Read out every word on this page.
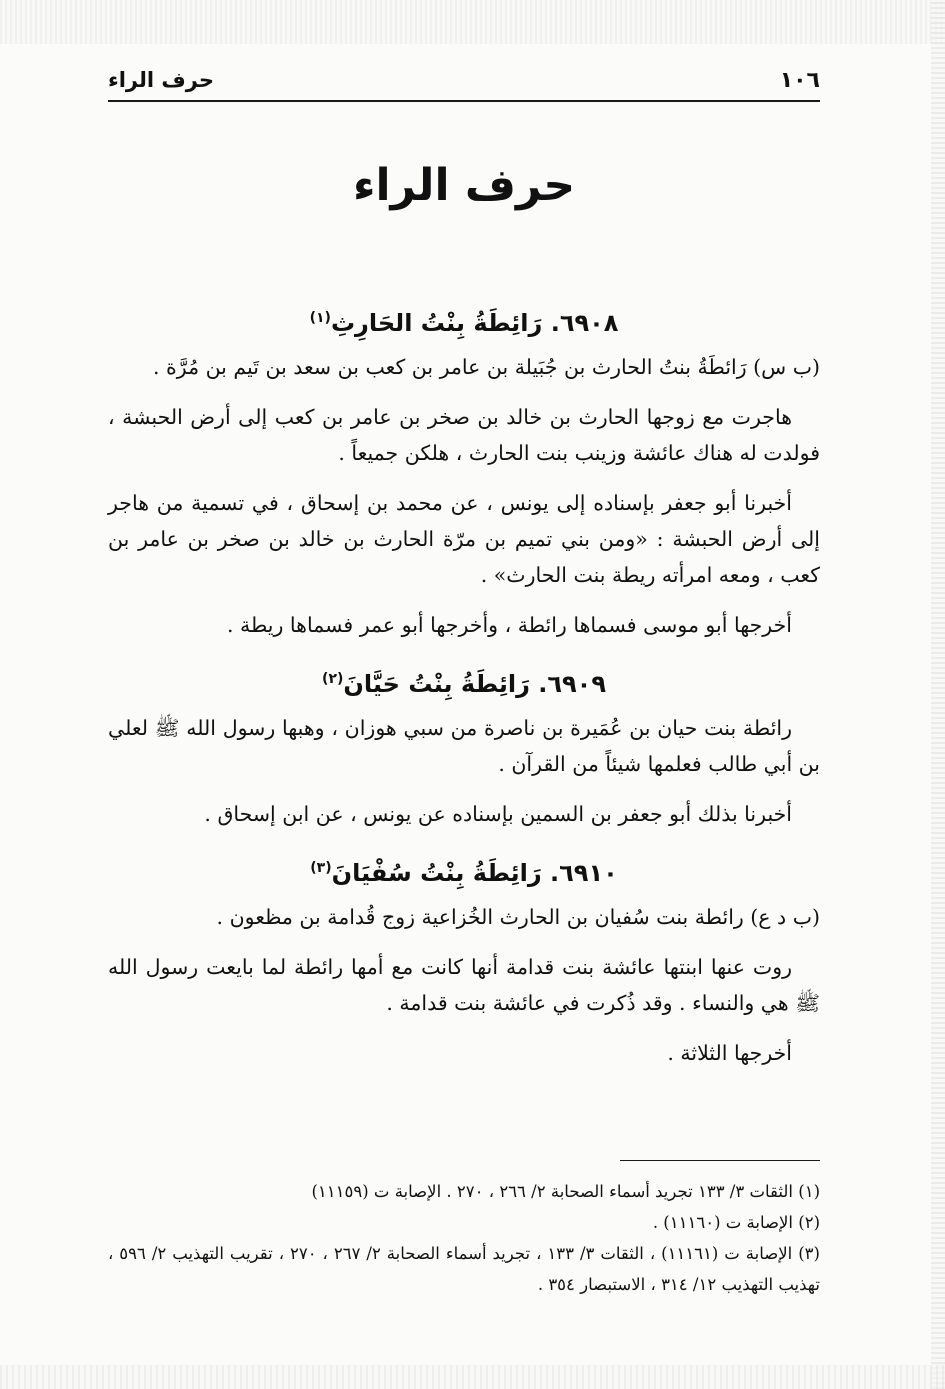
١٠٦
حرف الراء
حرف الراء
٦٩٠٨. رَائِطَةُ بِنْتُ الحَارِثِ$^{(١)}$

(ب س) رَائطَةُ بنتُ الحارث بن جُبَيلة بن عامر بن كعب بن سعد بن تَيم بن مُرَّة .

هاجرت مع زوجها الحارث بن خالد بن صخر بن عامر بن كعب إلى أرض الحبشة ، فولدت له هناك عائشة وزينب بنت الحارث ، هلكن جميعاً .

أخبرنا أبو جعفر بإسناده إلى يونس ، عن محمد بن إسحاق ، في تسمية من هاجر إلى أرض الحبشة : «ومن بني تميم بن مرّة الحارث بن خالد بن صخر بن عامر بن كعب ، ومعه امرأته ريطة بنت الحارث» .

أخرجها أبو موسى فسماها رائطة ، وأخرجها أبو عمر فسماها ريطة .

٦٩٠٩. رَائِطَةُ بِنْتُ حَيَّانَ$^{(٢)}$

رائطة بنت حيان بن عُمَيرة بن ناصرة من سبي هوزان ، وهبها رسول الله ﷺ لعلي بن أبي طالب فعلمها شيئاً من القرآن .

أخبرنا بذلك أبو جعفر بن السمين بإسناده عن يونس ، عن ابن إسحاق .

٦٩١٠. رَائِطَةُ بِنْتُ سُفْيَانَ$^{(٣)}$

(ب د ع) رائطة بنت سُفيان بن الحارث الخُزاعية زوج قُدامة بن مظعون .

روت عنها ابنتها عائشة بنت قدامة أنها كانت مع أمها رائطة لما بايعت رسول الله ﷺ هي والنساء . وقد ذُكرت في عائشة بنت قدامة .

أخرجها الثلاثة .

(١) الثقات ٣/ ١٣٣ تجريد أسماء الصحابة ٢/ ٢٦٦ ، ٢٧٠ . الإصابة ت (١١١٥٩)

(٢) الإصابة ت (١١١٦٠) .

(٣) الإصابة ت (١١١٦١) ، الثقات ٣/ ١٣٣ ، تجريد أسماء الصحابة ٢/ ٢٦٧ ، ٢٧٠ ، تقريب التهذيب ٢/ ٥٩٦ ، تهذيب التهذيب ١٢/ ٣١٤ ، الاستبصار ٣٥٤ .
